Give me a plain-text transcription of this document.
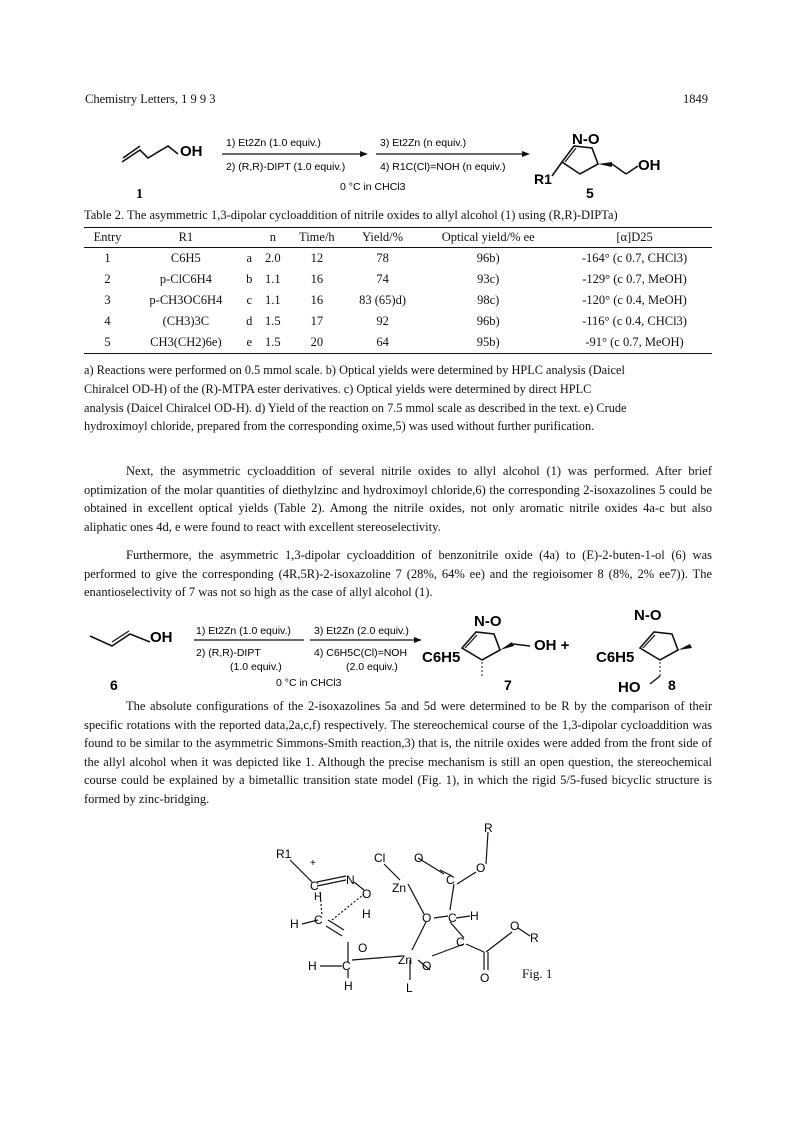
Chemistry Letters, 1 9 9 3	1849
OH 1) Et2Zn (1.0 equiv.)
2) (R,R)-DIPT (1.0 equiv.)
3) Et2Zn (n equiv.)
4) R1C(Cl)=NOH (n equiv.)
0 °C in CHCl3
N-O
OH
R1
1	5
Table 2. The asymmetric 1,3-dipolar cycloaddition of nitrile oxides to allyl alcohol (1) using (R,R)-DIPTa)
Entry	R1		n	Time/h	Yield/%	Optical yield/% ee	[α]D25
1	C6H5	a	2.0	12	78	96b)	-164° (c 0.7, CHCl3)
2	p-ClC6H4	b	1.1	16	74	93c)	-129° (c 0.7, MeOH)
3	p-CH3OC6H4	c	1.1	16	83 (65)d)	98c)	-120° (c 0.4, MeOH)
4	(CH3)3C	d	1.5	17	92	96b)	-116° (c 0.4, CHCl3)
5	CH3(CH2)6e)	e	1.5	20	64	95b)	-91° (c 0.7, MeOH)
a) Reactions were performed on 0.5 mmol scale. b) Optical yields were determined by HPLC analysis (Daicel
Chiralcel OD-H) of the (R)-MTPA ester derivatives. c) Optical yields were determined by direct HPLC
analysis (Daicel Chiralcel OD-H). d) Yield of the reaction on 7.5 mmol scale as described in the text. e) Crude
hydroximoyl chloride, prepared from the corresponding oxime,5) was used without further purification.
Next, the asymmetric cycloaddition of several nitrile oxides to allyl alcohol (1) was performed. After brief optimization of the molar quantities of diethylzinc and hydroximoyl chloride,6) the corresponding 2-isoxazolines 5 could be obtained in excellent optical yields (Table 2). Among the nitrile oxides, not only aromatic nitrile oxides 4a-c but also aliphatic ones 4d, e were found to react with excellent stereoselectivity.
Furthermore, the asymmetric 1,3-dipolar cycloaddition of benzonitrile oxide (4a) to (E)-2-buten-1-ol (6) was performed to give the corresponding (4R,5R)-2-isoxazoline 7 (28%, 64% ee) and the regioisomer 8 (8%, 2% ee7)). The enantioselectivity of 7 was not so high as the case of allyl alcohol (1).
OH 1) Et2Zn (1.0 equiv.)
2) (R,R)-DIPT
(1.0 equiv.)
3) Et2Zn (2.0 equiv.)
4) C6H5C(Cl)=NOH
(2.0 equiv.)
0 °C in CHCl3
N-O
C6H5
OH +
7
N-O
C6H5
HO 8
6
The absolute configurations of the 2-isoxazolines 5a and 5d were determined to be R by the comparison of their specific rotations with the reported data,2a,c,f) respectively. The stereochemical course of the 1,3-dipolar cycloaddition was found to be similar to the asymmetric Simmons-Smith reaction,3) that is, the nitrile oxides were added from the front side of the allyl alcohol when it was depicted like 1. Although the precise mechanism is still an open question, the stereochemical course could be explained by a bimetallic transition state model (Fig. 1), in which the rigid 5/5-fused bicyclic structure is formed by zinc-bridging.
R
R1
+
C N
O
Cl
Zn
O
C
O
O C H
C
O
O
R
Zn O
L
H
C
H
H
C
H
H
O
Fig. 1
